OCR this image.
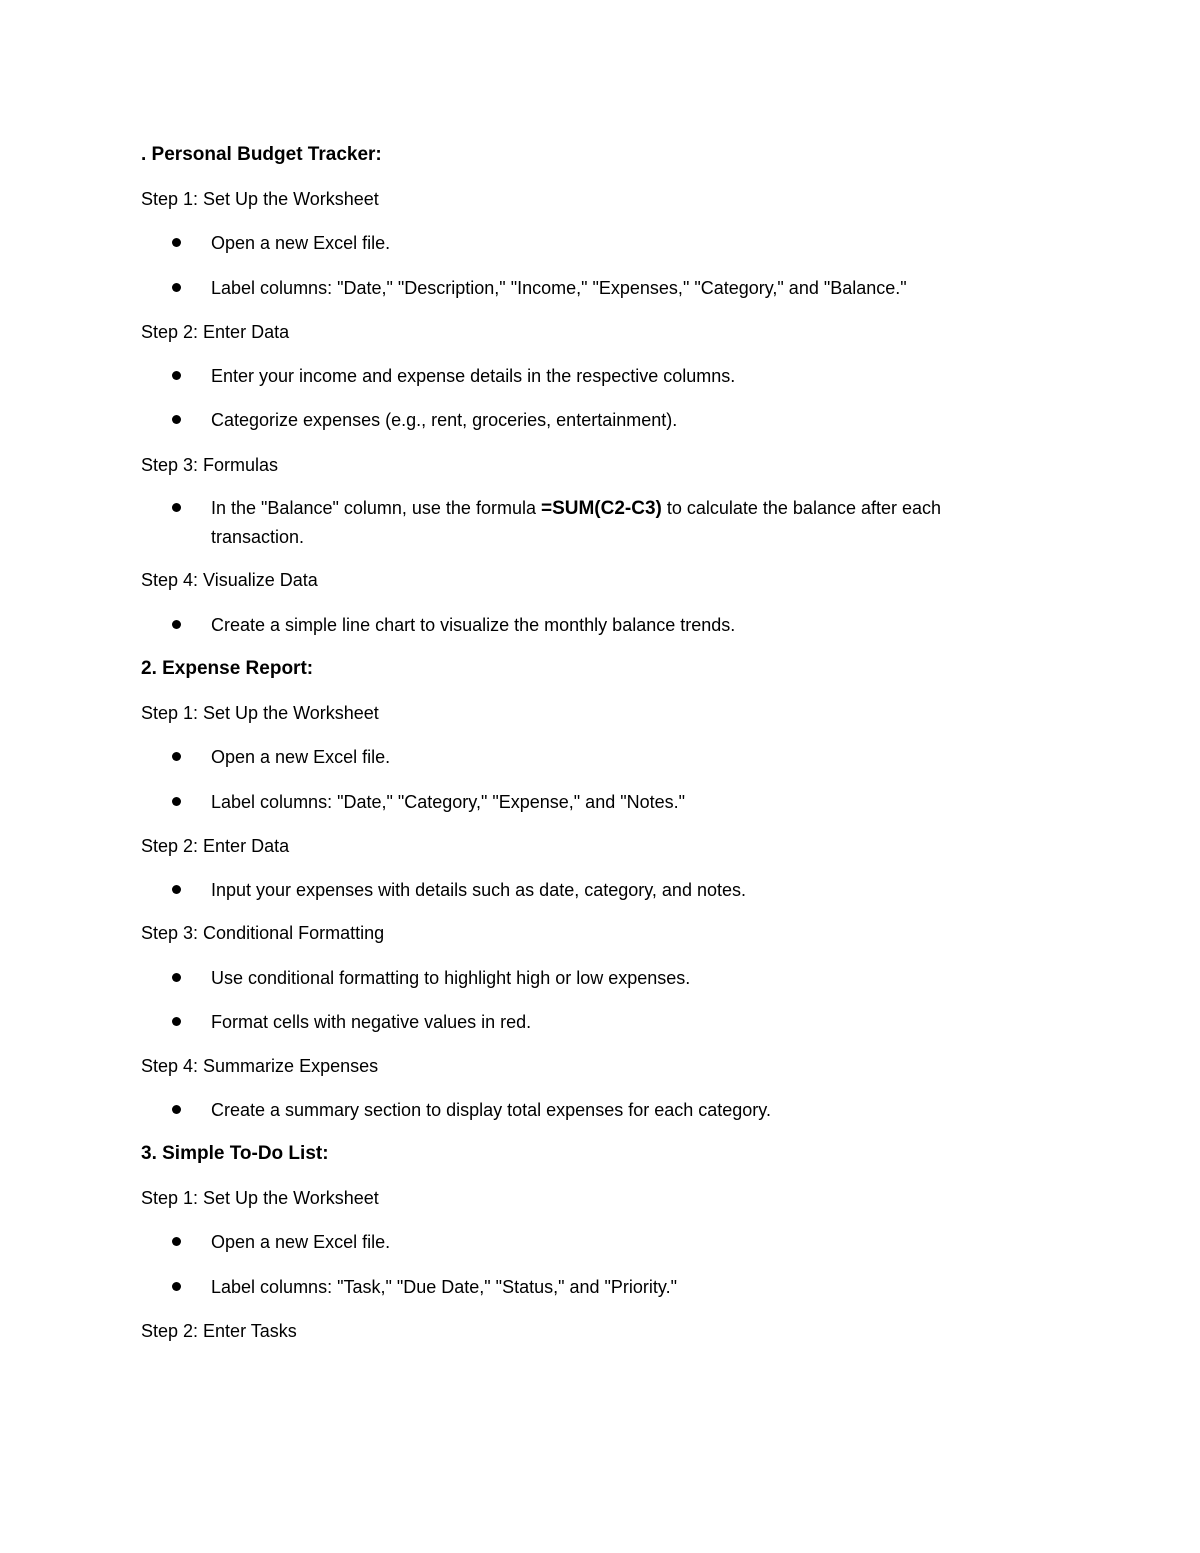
. Personal Budget Tracker:
Step 1: Set Up the Worksheet
Open a new Excel file.
Label columns: "Date," "Description," "Income," "Expenses," "Category," and "Balance."
Step 2: Enter Data
Enter your income and expense details in the respective columns.
Categorize expenses (e.g., rent, groceries, entertainment).
Step 3: Formulas
In the "Balance" column, use the formula =SUM(C2-C3) to calculate the balance after each transaction.
Step 4: Visualize Data
Create a simple line chart to visualize the monthly balance trends.
2. Expense Report:
Step 1: Set Up the Worksheet
Open a new Excel file.
Label columns: "Date," "Category," "Expense," and "Notes."
Step 2: Enter Data
Input your expenses with details such as date, category, and notes.
Step 3: Conditional Formatting
Use conditional formatting to highlight high or low expenses.
Format cells with negative values in red.
Step 4: Summarize Expenses
Create a summary section to display total expenses for each category.
3. Simple To-Do List:
Step 1: Set Up the Worksheet
Open a new Excel file.
Label columns: "Task," "Due Date," "Status," and "Priority."
Step 2: Enter Tasks
